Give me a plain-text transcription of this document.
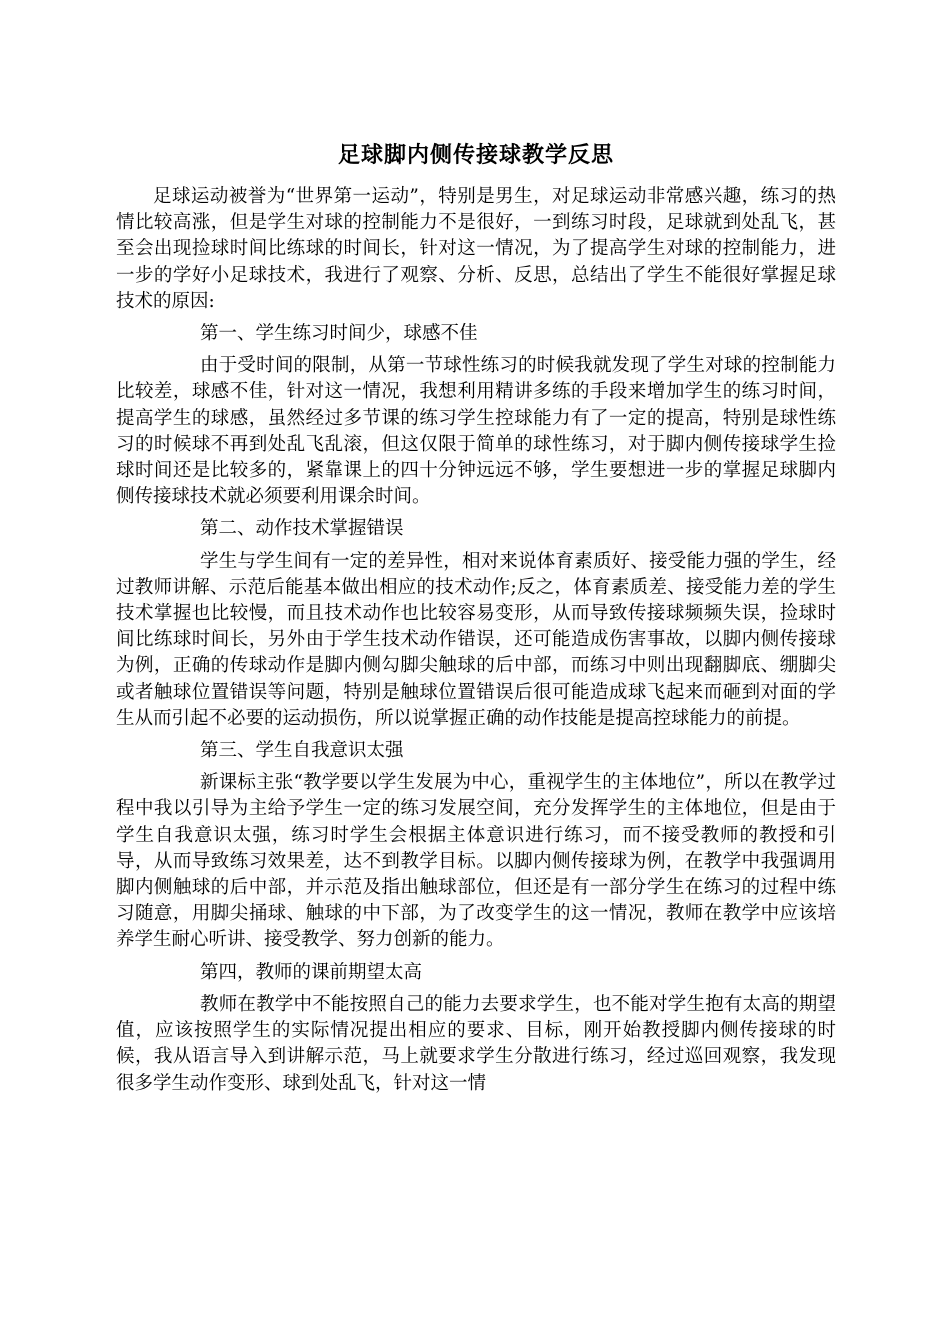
足球脚内侧传接球教学反思

足球运动被誉为“世界第一运动”，特别是男生，对足球运动非常感兴趣，练习的热情比较高涨，但是学生对球的控制能力不是很好，一到练习时段，足球就到处乱飞，甚至会出现捡球时间比练球的时间长，针对这一情况，为了提高学生对球的控制能力，进一步的学好小足球技术，我进行了观察、分析、反思，总结出了学生不能很好掌握足球技术的原因:

第一、学生练习时间少，球感不佳

由于受时间的限制，从第一节球性练习的时候我就发现了学生对球的控制能力比较差，球感不佳，针对这一情况，我想利用精讲多练的手段来增加学生的练习时间，提高学生的球感，虽然经过多节课的练习学生控球能力有了一定的提高，特别是球性练习的时候球不再到处乱飞乱滚，但这仅限于简单的球性练习，对于脚内侧传接球学生捡球时间还是比较多的，紧靠课上的四十分钟远远不够，学生要想进一步的掌握足球脚内侧传接球技术就必须要利用课余时间。

第二、动作技术掌握错误

学生与学生间有一定的差异性，相对来说体育素质好、接受能力强的学生，经过教师讲解、示范后能基本做出相应的技术动作;反之，体育素质差、接受能力差的学生技术掌握也比较慢，而且技术动作也比较容易变形，从而导致传接球频频失误，捡球时间比练球时间长，另外由于学生技术动作错误，还可能造成伤害事故，以脚内侧传接球为例，正确的传球动作是脚内侧勾脚尖触球的后中部，而练习中则出现翻脚底、绷脚尖或者触球位置错误等问题，特别是触球位置错误后很可能造成球飞起来而砸到对面的学生从而引起不必要的运动损伤，所以说掌握正确的动作技能是提高控球能力的前提。

第三、学生自我意识太强

新课标主张“教学要以学生发展为中心，重视学生的主体地位”，所以在教学过程中我以引导为主给予学生一定的练习发展空间，充分发挥学生的主体地位，但是由于学生自我意识太强，练习时学生会根据主体意识进行练习，而不接受教师的教授和引导，从而导致练习效果差，达不到教学目标。以脚内侧传接球为例，在教学中我强调用脚内侧触球的后中部，并示范及指出触球部位，但还是有一部分学生在练习的过程中练习随意，用脚尖捅球、触球的中下部，为了改变学生的这一情况，教师在教学中应该培养学生耐心听讲、接受教学、努力创新的能力。

第四，教师的课前期望太高

教师在教学中不能按照自己的能力去要求学生，也不能对学生抱有太高的期望值，应该按照学生的实际情况提出相应的要求、目标，刚开始教授脚内侧传接球的时候，我从语言导入到讲解示范，马上就要求学生分散进行练习，经过巡回观察，我发现很多学生动作变形、球到处乱飞，针对这一情
